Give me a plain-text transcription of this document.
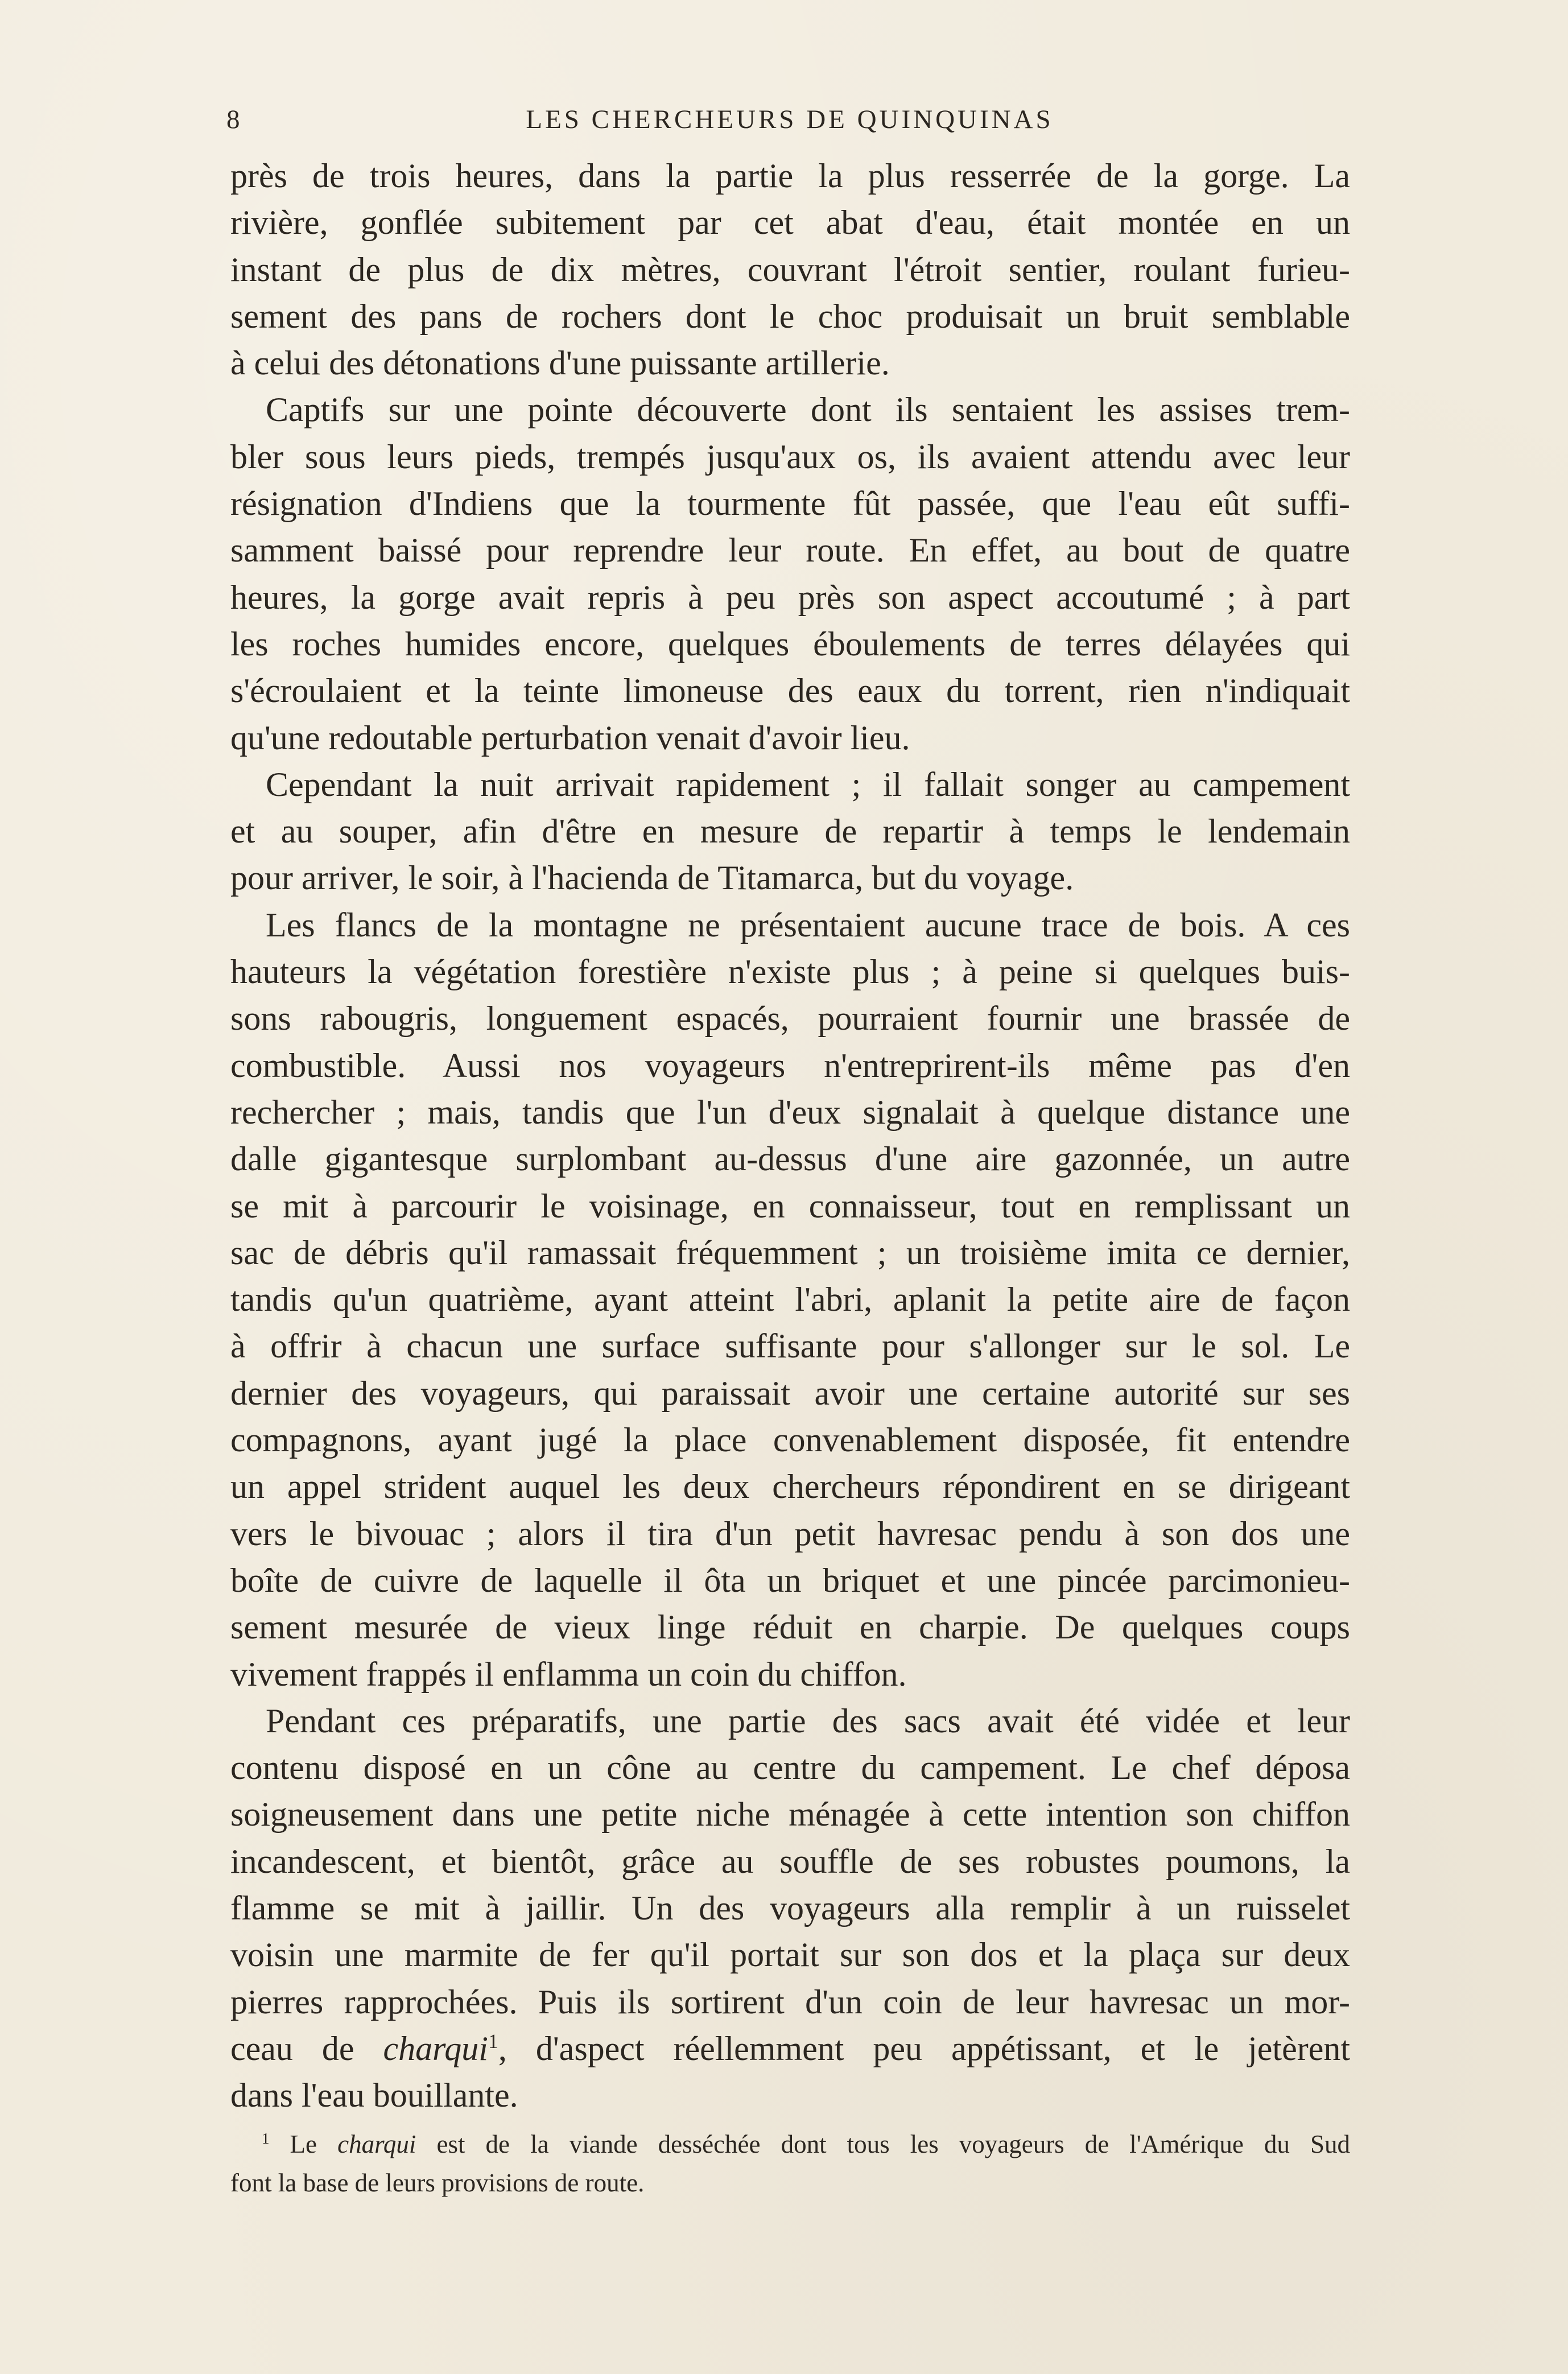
8	LES CHERCHEURS DE QUINQUINAS
près de trois heures, dans la partie la plus resserrée de la gorge. La
rivière, gonflée subitement par cet abat d'eau, était montée en un
instant de plus de dix mètres, couvrant l'étroit sentier, roulant furieu-
sement des pans de rochers dont le choc produisait un bruit semblable
à celui des détonations d'une puissante artillerie.
Captifs sur une pointe découverte dont ils sentaient les assises trem-
bler sous leurs pieds, trempés jusqu'aux os, ils avaient attendu avec leur
résignation d'Indiens que la tourmente fût passée, que l'eau eût suffi-
samment baissé pour reprendre leur route. En effet, au bout de quatre
heures, la gorge avait repris à peu près son aspect accoutumé ; à part
les roches humides encore, quelques éboulements de terres délayées qui
s'écroulaient et la teinte limoneuse des eaux du torrent, rien n'indiquait
qu'une redoutable perturbation venait d'avoir lieu.
Cependant la nuit arrivait rapidement ; il fallait songer au campement
et au souper, afin d'être en mesure de repartir à temps le lendemain
pour arriver, le soir, à l'hacienda de Titamarca, but du voyage.
Les flancs de la montagne ne présentaient aucune trace de bois. A ces
hauteurs la végétation forestière n'existe plus ; à peine si quelques buis-
sons rabougris, longuement espacés, pourraient fournir une brassée de
combustible. Aussi nos voyageurs n'entreprirent-ils même pas d'en
rechercher ; mais, tandis que l'un d'eux signalait à quelque distance une
dalle gigantesque surplombant au-dessus d'une aire gazonnée, un autre
se mit à parcourir le voisinage, en connaisseur, tout en remplissant un
sac de débris qu'il ramassait fréquemment ; un troisième imita ce dernier,
tandis qu'un quatrième, ayant atteint l'abri, aplanit la petite aire de façon
à offrir à chacun une surface suffisante pour s'allonger sur le sol. Le
dernier des voyageurs, qui paraissait avoir une certaine autorité sur ses
compagnons, ayant jugé la place convenablement disposée, fit entendre
un appel strident auquel les deux chercheurs répondirent en se dirigeant
vers le bivouac ; alors il tira d'un petit havresac pendu à son dos une
boîte de cuivre de laquelle il ôta un briquet et une pincée parcimonieu-
sement mesurée de vieux linge réduit en charpie. De quelques coups
vivement frappés il enflamma un coin du chiffon.
Pendant ces préparatifs, une partie des sacs avait été vidée et leur
contenu disposé en un cône au centre du campement. Le chef déposa
soigneusement dans une petite niche ménagée à cette intention son chiffon
incandescent, et bientôt, grâce au souffle de ses robustes poumons, la
flamme se mit à jaillir. Un des voyageurs alla remplir à un ruisselet
voisin une marmite de fer qu'il portait sur son dos et la plaça sur deux
pierres rapprochées. Puis ils sortirent d'un coin de leur havresac un mor-
ceau de charqui$^1$, d'aspect réellemment peu appétissant, et le jetèrent
dans l'eau bouillante.
$^1$ Le charqui est de la viande desséchée dont tous les voyageurs de l'Amérique du Sud
font la base de leurs provisions de route.
